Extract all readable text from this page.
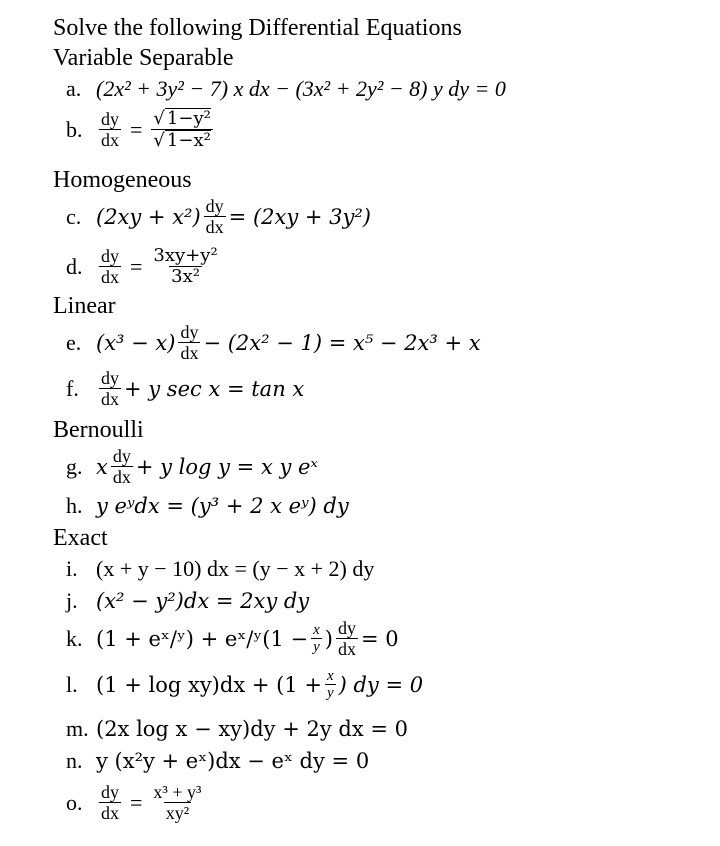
Solve the following Differential Equations
Variable Separable
a. (2x² + 3y² − 7) x dx − (3x² + 2y² − 8) y dy = 0
b. $\frac{dy}{dx} = \frac{\text{√ 1−y²}}{\text{√ 1−x²}}$
Homogeneous
c. $(2xy + x^2) \frac{dy}{dx} = (2xy + 3y^2)$
d. $\frac{dy}{dx} = \frac{\text{3xy+y²}}{\text{3x²}}$
Linear
e. $(x^3 - x) \frac{dy}{dx} - (2x^2 - 1) = x^5 - 2x^3 + x$
f.	$\frac{dy}{dx} + y$ sec x = tan x
Bernoulli
g. x $\frac{dy}{dx} + y$ log y = x y eˣ
h. y eʸdx = (y³ + 2 x eʸ) dy
Exact
i. (x + y − 10) dx = (y − x + 2) dy
j. (x² − y²)dx = 2xy dy
k. (1 + eˣ/ʸ) + eˣ/ʸ(1 − $\frac{x}{y}$ ) $\frac{dy}{dx} = 0$
l. $(1 + \log xy)dx + (1 + \frac{x}{y}$ ) dy = 0
m. (2x log x − xy)dy + 2y dx = 0
n. y (x²y + eˣ)dx − eˣ dy = 0
o. $\frac{dy}{dx} = \frac{\text{x³ + y³}}{\text{xy²}}$
